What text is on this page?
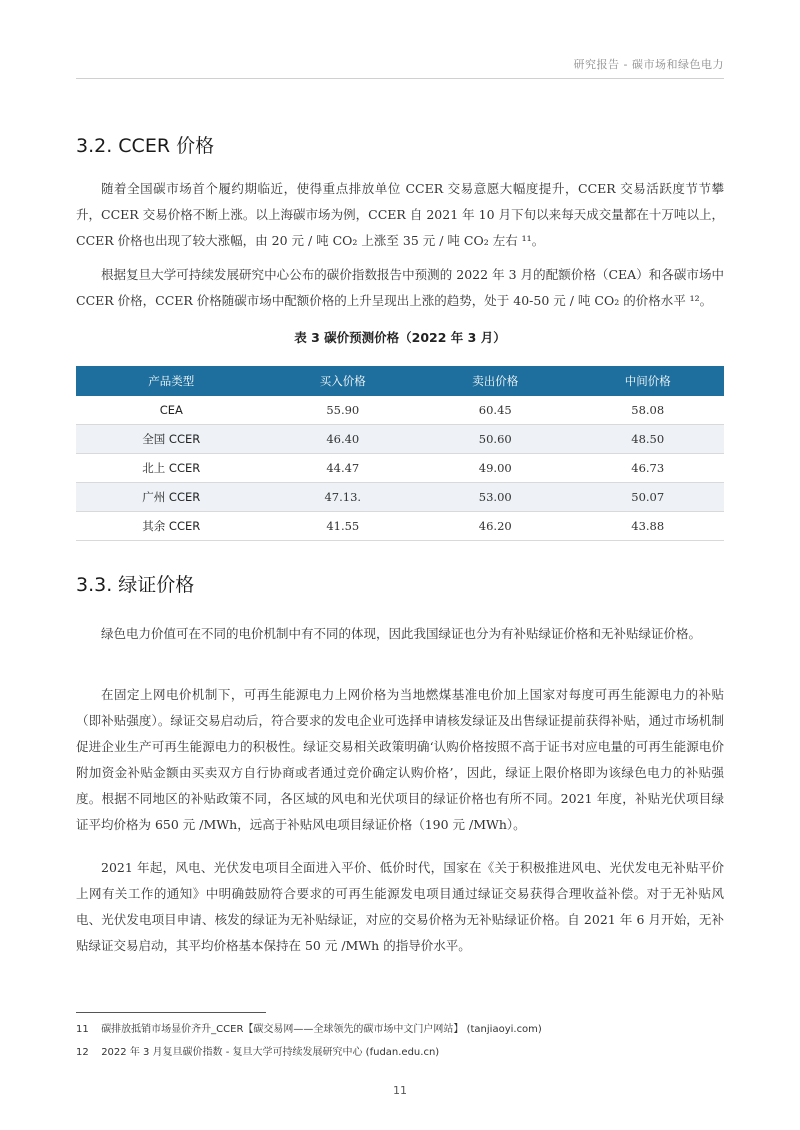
研究报告 - 碳市场和绿色电力
3.2. CCER 价格

随着全国碳市场首个履约期临近，使得重点排放单位 CCER 交易意愿大幅度提升，CCER 交易活跃度节节攀升，CCER 交易价格不断上涨。以上海碳市场为例，CCER 自 2021 年 10 月下旬以来每天成交量都在十万吨以上，CCER 价格也出现了较大涨幅，由 20 元 / 吨 CO₂ 上涨至 35 元 / 吨 CO₂ 左右 ¹¹。

根据复旦大学可持续发展研究中心公布的碳价指数报告中预测的 2022 年 3 月的配额价格（CEA）和各碳市场中 CCER 价格，CCER 价格随碳市场中配额价格的上升呈现出上涨的趋势，处于 40-50 元 / 吨 CO₂ 的价格水平 ¹²。

表 3 碳价预测价格（2022 年 3 月）
产品类型	买入价格	卖出价格	中间价格
CEA	55.90	60.45	58.08
全国 CCER	46.40	50.60	48.50
北上 CCER	44.47	49.00	46.73
广州 CCER	47.13.	53.00	50.07
其余 CCER	41.55	46.20	43.88
3.3. 绿证价格

绿色电力价值可在不同的电价机制中有不同的体现，因此我国绿证也分为有补贴绿证价格和无补贴绿证价格。

在固定上网电价机制下，可再生能源电力上网价格为当地燃煤基准电价加上国家对每度可再生能源电力的补贴（即补贴强度）。绿证交易启动后，符合要求的发电企业可选择申请核发绿证及出售绿证提前获得补贴，通过市场机制促进企业生产可再生能源电力的积极性。绿证交易相关政策明确‘认购价格按照不高于证书对应电量的可再生能源电价附加资金补贴金额由买卖双方自行协商或者通过竞价确定认购价格’，因此，绿证上限价格即为该绿色电力的补贴强度。根据不同地区的补贴政策不同，各区域的风电和光伏项目的绿证价格也有所不同。2021 年度，补贴光伏项目绿证平均价格为 650 元 /MWh，远高于补贴风电项目绿证价格（190 元 /MWh）。

2021 年起，风电、光伏发电项目全面进入平价、低价时代，国家在《关于积极推进风电、光伏发电无补贴平价上网有关工作的通知》中明确鼓励符合要求的可再生能源发电项目通过绿证交易获得合理收益补偿。对于无补贴风电、光伏发电项目申请、核发的绿证为无补贴绿证，对应的交易价格为无补贴绿证价格。自 2021 年 6 月开始，无补贴绿证交易启动，其平均价格基本保持在 50 元 /MWh 的指导价水平。

11 碳排放抵销市场显价齐升_CCER【碳交易网——全球领先的碳市场中文门户网站】 (tanjiaoyi.com)
12 2022 年 3 月复旦碳价指数 - 复旦大学可持续发展研究中心 (fudan.edu.cn)
11
